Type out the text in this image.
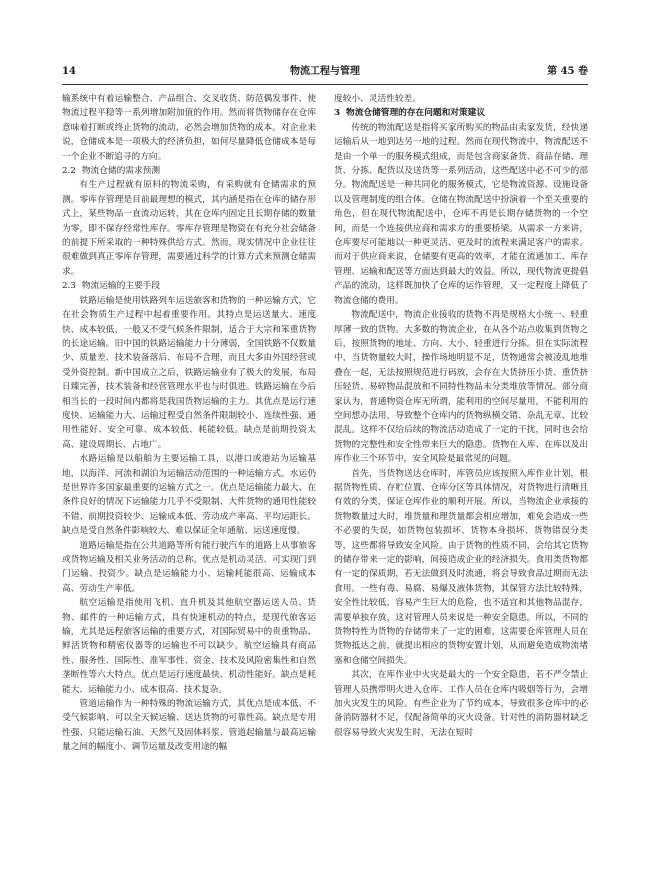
14	物流工程与管理	第 45 卷

输系统中有着运输整合、产品组合、交叉收货、防范偶发事件、使物流过程平稳等一系列增加附加值的作用。然而将货物储存在仓库意味着打断或终止货物的流动，必然会增加货物的成本。对企业来说，仓储成本是一项极大的经济负担，如何尽量降低仓储成本是每一个企业不断追寻的方向。

2.2 物流仓储的需求预测

有生产过程就有原料的物流采购，有采购就有仓储需求的预测。零库存管理是目前最理想的模式，其内涵是指在仓库的储存形式上，某些物品一直流动运转，其在仓库内固定且长期存储的数量为零，即不保存经常性库存。零库存管理是物资在有充分社会储备的前提下所采取的一种特殊供给方式。然而，现实情况中企业往往很难做到真正零库存管理，需要通过科学的计算方式来预测仓储需求。

2.3 物流运输的主要手段

铁路运输是使用铁路列车运送旅客和货物的一种运输方式，它在社会物质生产过程中起着重要作用。其特点是运送量大、速度快、成本较低，一般又不受气候条件限制，适合于大宗和笨重货物的长途运输。旧中国的铁路运输能力十分薄弱，全国铁路不仅数量少、质量差、技术装备落后、布局不合理，而且大多由外国经营或受外资控制。新中国成立之后，铁路运输业有了极大的发展，布局日臻完善，技术装备和经营管理水平也与时俱进。铁路运输在今后相当长的一段时间内都将是我国货物运输的主力。其优点是运行速度快、运输能力大、运输过程受自然条件限制较小、连续性强、通用性能好、安全可靠、成本较低、耗能较低。缺点是前期投资太高、建设周期长、占地广。

水路运输是以船舶为主要运输工具，以港口或港站为运输基地，以海洋、河流和湖泊为运输活动范围的一种运输方式。水运仍是世界许多国家最重要的运输方式之一。优点是运输能力最大、在条件良好的情况下运输能力几乎不受限制、大件货物的通用性能较不错、前期投资较少、运输成本低、劳动成产率高、平均运距长。缺点是受自然条件影响较大、难以保证全年通航、运送速度慢。

道路运输是指在公共道路等所有能行驶汽车的道路上从事旅客或货物运输及相关业务活动的总称。优点是机动灵活、可实现门到门运输、投资少。缺点是运输能力小、运输耗能很高、运输成本高、劳动生产率低。

航空运输是指使用飞机、直升机及其他航空器运送人员、货物、邮件的一种运输方式，具有快速机动的特点，是现代旅客运输，尤其是远程旅客运输的重要方式，对国际贸易中的贵重物品、鲜活货物和精密仪器等的运输也不可以缺少。航空运输具有商品性、服务性、国际性、准军事性、资金、技术及风险密集性和自然垄断性等六大特点。优点是运行速度最快、机动性能好。缺点是耗能大、运输能力小、成本很高、技术复杂。

管道运输作为一种特殊的物流运输方式，其优点是成本低、不受气候影响、可以全天候运输、送达货物的可靠性高。缺点是专用性强、只能运输石油、天然气及固体料浆、管道起输量与最高运输量之间的幅度小、调节运量及改变用途的幅

度较小、灵活性较差。

3 物流仓储管理的存在问题和对策建议

传统的物流配送是指将买家所购买的物品由卖家发货，经快递运输后从一地到达另一地的过程。然而在现代物流中，物流配送不是由一个单一的服务模式组成，而是包含商家备货、商品存储、理货、分拣、配货以及送货等一系列活动，这些配送中必不可少的部分。物流配送是一种共同化的服务模式，它是物流资源、设施设备以及管理制度的组合体。仓储在物流配送中扮演着一个至关重要的角色，但在现代物流配送中，仓库不再是长期存储货物的一个空间，而是一个连接供应商和需求方的重要桥梁。从需求一方来讲，仓库要尽可能地以一种更灵活、更及时的流程来满足客户的需求。而对于供应商来说，仓储要有更高的效率，才能在流通加工、库存管理、运输和配送等方面达到最大的效益。所以，现代物流更提倡产品的流动，这样既加快了仓库的运作管理，又一定程度上降低了物流仓储的费用。

物流配送中，物流企业接收的货物不再是规格大小统一、轻重厚薄一致的货物。大多数的物流企业，在从各个站点收集到货物之后，按照货物的地址、方向、大小、轻重进行分拣。但在实际流程中，当货物量较大时，操作场地明显不足，货物通常会被凌乱地堆叠在一起，无法按照规范进行码放，会存在大货挤压小货、重货挤压轻货、易碎物品混放和不同特性物品未分类堆放等情况。部分商家认为，普通物资仓库无所谓，能利用的空间尽量用，不能利用的空间想办法用，导致整个仓库内的货物纵横交错、杂乱无章、比较混乱。这样不仅给后续的物流活动造成了一定的干扰，同时也会给货物的完整性和安全性带来巨大的隐患。货物在入库、在库以及出库作业三个环节中，安全风险是最常见的问题。

首先，当货物送达仓库时，库管员应该按照入库作业计划，根据货物性质、存贮位置、仓库分区等具体情况，对货物进行清晰且有效的分类，保证仓库作业的顺利开展。所以，当物流企业承接的货物数量过大时，堆货量和理货量都会相应增加，难免会造成一些不必要的失误，如货物包装损坏、货物本身损坏、货物错误分类等，这些都将导致安全风险。由于货物的性质不同，会给其它货物的储存带来一定的影响，间接造成企业的经济损失。食用类货物都有一定的保质期，若无法做到及时流通，将会导致食品过期而无法食用。一些有毒、易腐、易爆及液体货物，其保管方法比较特殊，安全性比较低，容易产生巨大的危险，也不适宜和其他物品混存，需要单独存放，这对管理人员来说是一种安全隐患。所以，不同的货物特性为货物的存储带来了一定的困难，这需要仓库管理人员在货物抵达之前，就提出相应的货物安置计划，从而避免造成物流堵塞和仓储空间损失。

其次，在库作业中火灾是最大的一个安全隐患，若不严令禁止管理人员携带明火进入仓库、工作人员在仓库内吸烟等行为，会增加火灾发生的风险。有些企业为了节约成本，导致很多仓库中的必备消防器材不足，仅配备简单的灭火设备。针对性的消防器材缺乏很容易导致火灾发生时，无法在短时
